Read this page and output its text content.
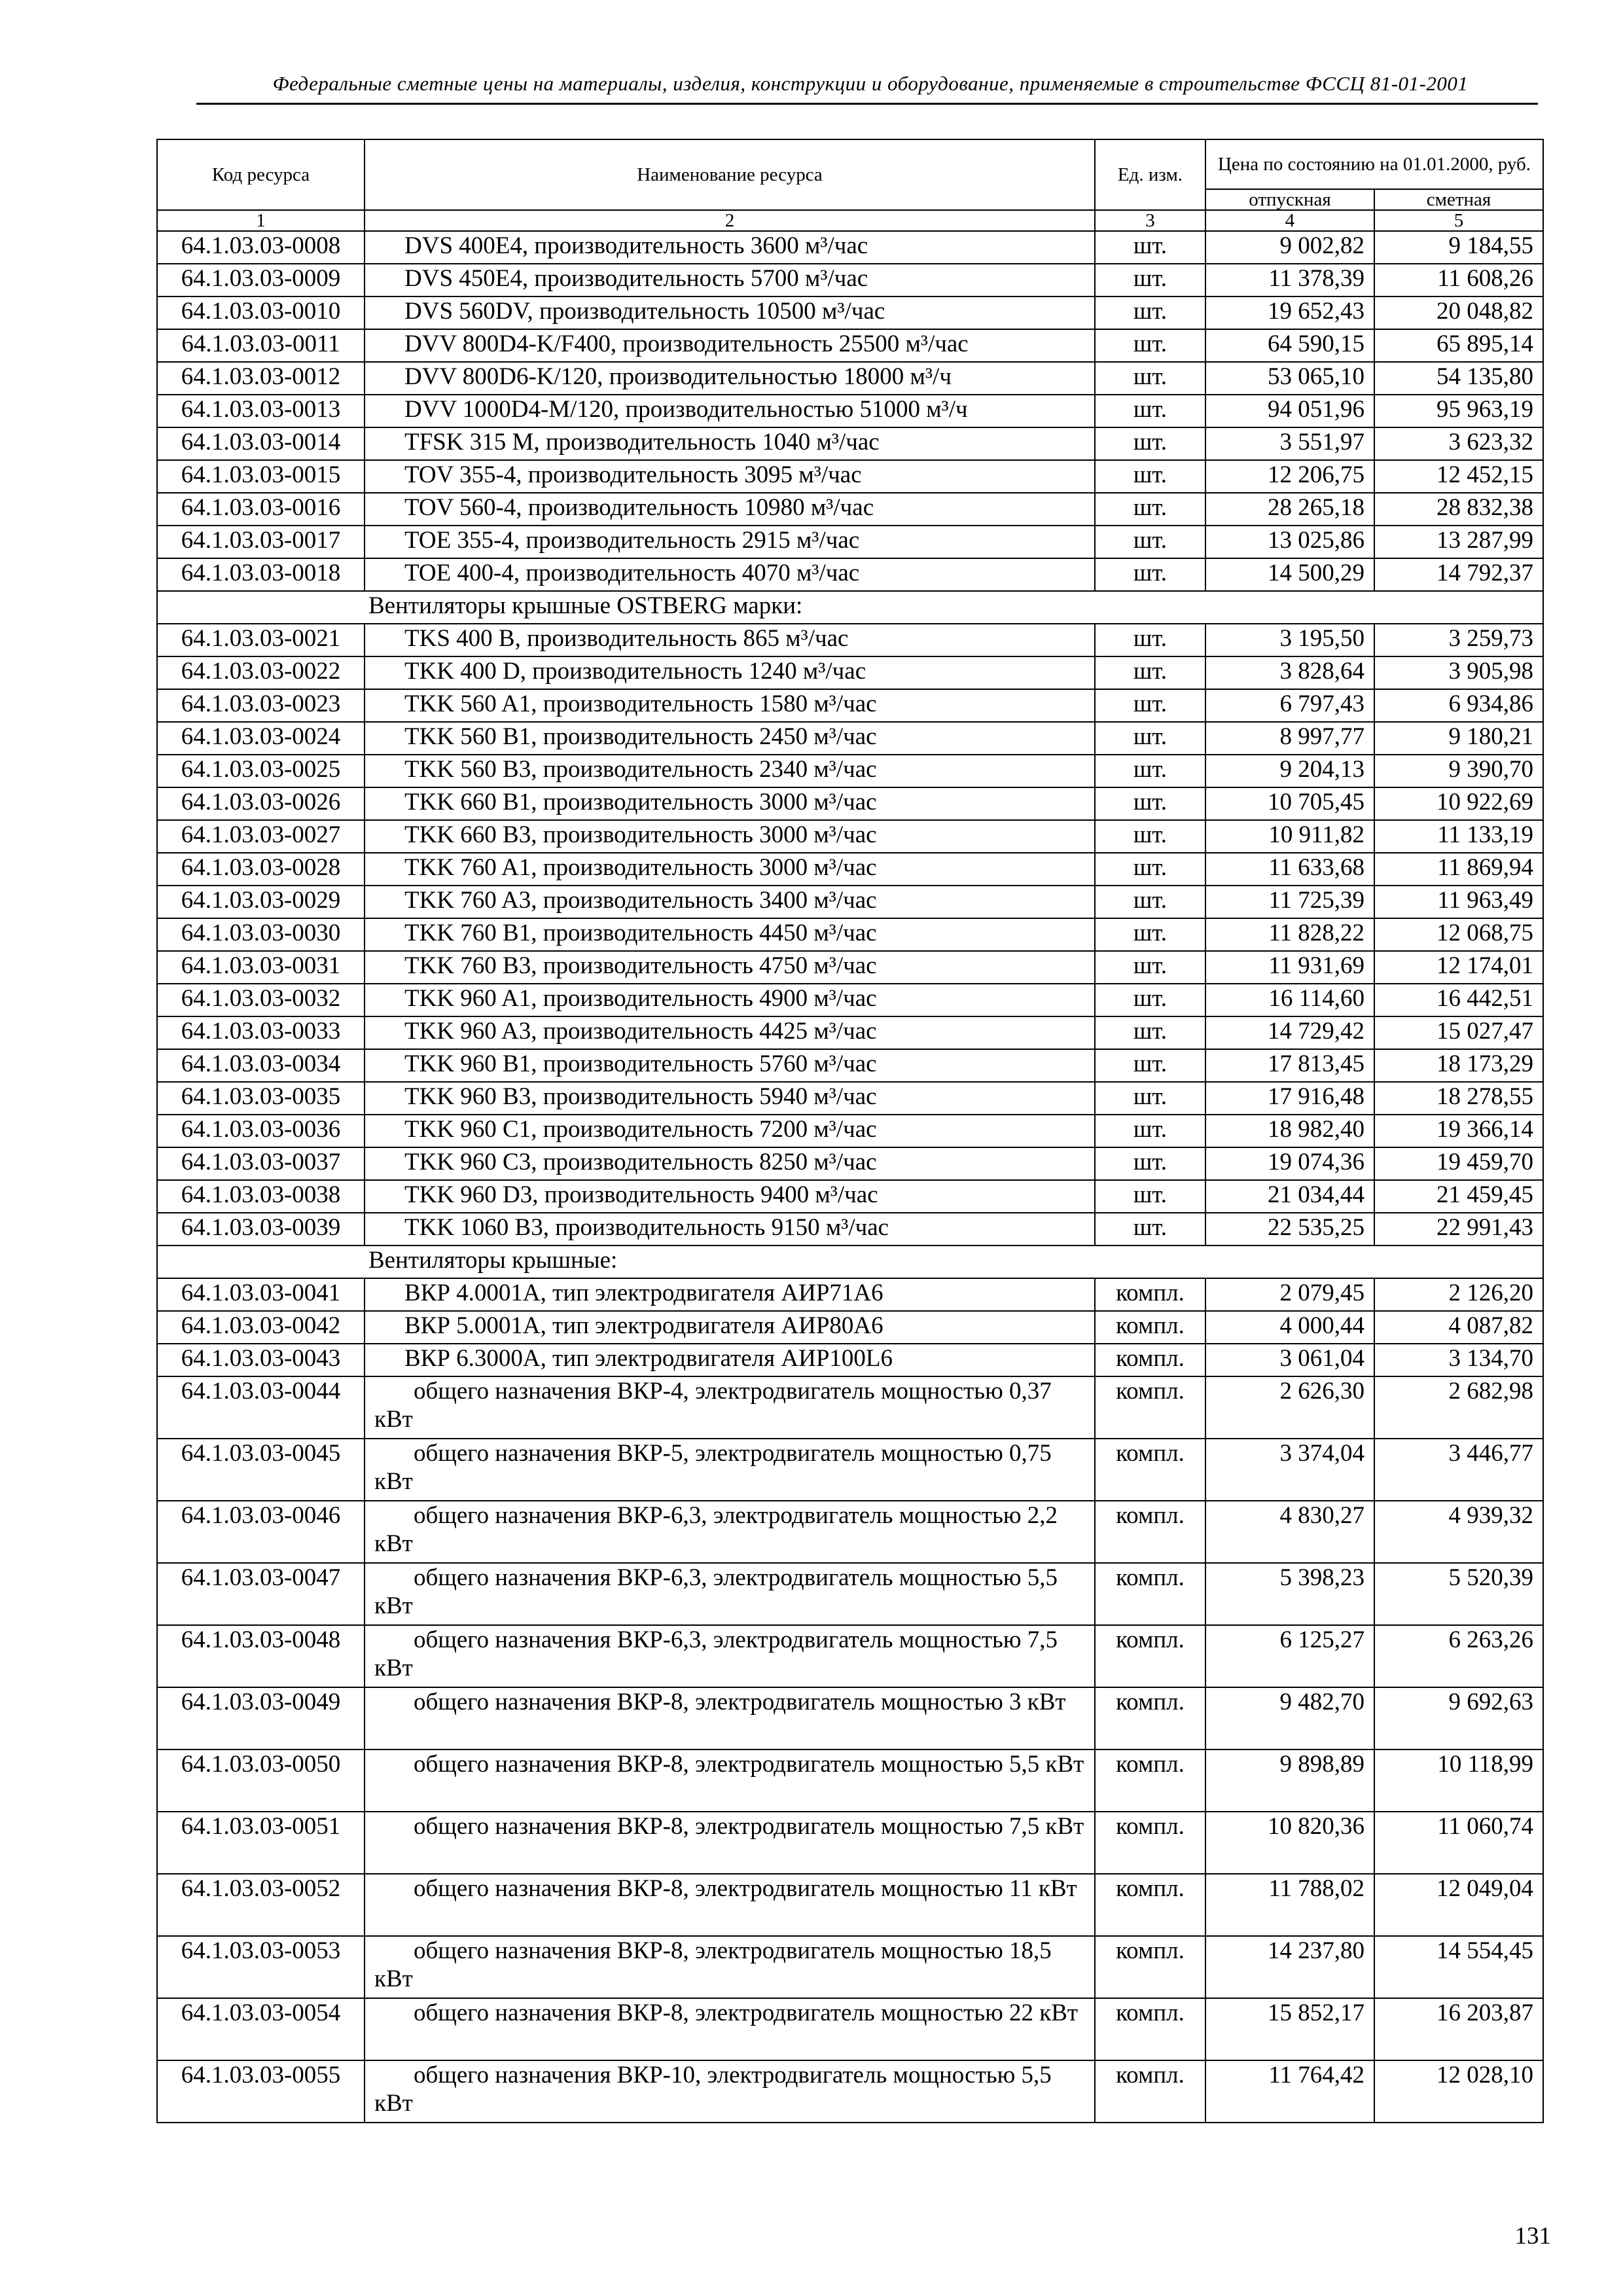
Федеральные сметные цены на материалы, изделия, конструкции и оборудование, применяемые в строительстве ФССЦ 81-01-2001
Код ресурса	Наименование ресурса	Ед. изм.	Цена по состоянию на 01.01.2000, руб.	
			отпускная	сметная
1	2	3	4	5
64.1.03.03-0008	DVS 400E4, производительность 3600 м³/час	шт.	9 002,82	9 184,55
64.1.03.03-0009	DVS 450E4, производительность 5700 м³/час	шт.	11 378,39	11 608,26
64.1.03.03-0010	DVS 560DV, производительность 10500 м³/час	шт.	19 652,43	20 048,82
64.1.03.03-0011	DVV 800D4-K/F400, производительность 25500 м³/час	шт.	64 590,15	65 895,14
64.1.03.03-0012	DVV 800D6-K/120, производительностью 18000 м³/ч	шт.	53 065,10	54 135,80
64.1.03.03-0013	DVV 1000D4-M/120, производительностью 51000 м³/ч	шт.	94 051,96	95 963,19
64.1.03.03-0014	TFSK 315 M, производительность 1040 м³/час	шт.	3 551,97	3 623,32
64.1.03.03-0015	TOV 355-4, производительность 3095 м³/час	шт.	12 206,75	12 452,15
64.1.03.03-0016	TOV 560-4, производительность 10980 м³/час	шт.	28 265,18	28 832,38
64.1.03.03-0017	TOE 355-4, производительность 2915 м³/час	шт.	13 025,86	13 287,99
64.1.03.03-0018	TOE 400-4, производительность 4070 м³/час	шт.	14 500,29	14 792,37
Вентиляторы крышные OSTBERG марки:				
64.1.03.03-0021	TKS 400 B, производительность 865 м³/час	шт.	3 195,50	3 259,73
64.1.03.03-0022	TKK 400 D, производительность 1240 м³/час	шт.	3 828,64	3 905,98
64.1.03.03-0023	TKK 560 A1, производительность 1580 м³/час	шт.	6 797,43	6 934,86
64.1.03.03-0024	TKK 560 B1, производительность 2450 м³/час	шт.	8 997,77	9 180,21
64.1.03.03-0025	TKK 560 B3, производительность 2340 м³/час	шт.	9 204,13	9 390,70
64.1.03.03-0026	TKK 660 B1, производительность 3000 м³/час	шт.	10 705,45	10 922,69
64.1.03.03-0027	TKK 660 B3, производительность 3000 м³/час	шт.	10 911,82	11 133,19
64.1.03.03-0028	TKK 760 A1, производительность 3000 м³/час	шт.	11 633,68	11 869,94
64.1.03.03-0029	TKK 760 A3, производительность 3400 м³/час	шт.	11 725,39	11 963,49
64.1.03.03-0030	TKK 760 B1, производительность 4450 м³/час	шт.	11 828,22	12 068,75
64.1.03.03-0031	TKK 760 B3, производительность 4750 м³/час	шт.	11 931,69	12 174,01
64.1.03.03-0032	TKK 960 A1, производительность 4900 м³/час	шт.	16 114,60	16 442,51
64.1.03.03-0033	TKK 960 A3, производительность 4425 м³/час	шт.	14 729,42	15 027,47
64.1.03.03-0034	TKK 960 B1, производительность 5760 м³/час	шт.	17 813,45	18 173,29
64.1.03.03-0035	TKK 960 B3, производительность 5940 м³/час	шт.	17 916,48	18 278,55
64.1.03.03-0036	TKK 960 C1, производительность 7200 м³/час	шт.	18 982,40	19 366,14
64.1.03.03-0037	TKK 960 C3, производительность 8250 м³/час	шт.	19 074,36	19 459,70
64.1.03.03-0038	TKK 960 D3, производительность 9400 м³/час	шт.	21 034,44	21 459,45
64.1.03.03-0039	TKK 1060 B3, производительность 9150 м³/час	шт.	22 535,25	22 991,43
Вентиляторы крышные:				
64.1.03.03-0041	ВКР 4.0001А, тип электродвигателя АИР71А6	компл.	2 079,45	2 126,20
64.1.03.03-0042	ВКР 5.0001А, тип электродвигателя АИР80А6	компл.	4 000,44	4 087,82
64.1.03.03-0043	ВКР 6.3000А, тип электродвигателя АИР100L6	компл.	3 061,04	3 134,70
64.1.03.03-0044	общего назначения ВКР-4, электродвигатель мощностью 0,37 кВт	компл.	2 626,30	2 682,98
64.1.03.03-0045	общего назначения ВКР-5, электродвигатель мощностью 0,75 кВт	компл.	3 374,04	3 446,77
64.1.03.03-0046	общего назначения ВКР-6,3, электродвигатель мощностью 2,2 кВт	компл.	4 830,27	4 939,32
64.1.03.03-0047	общего назначения ВКР-6,3, электродвигатель мощностью 5,5 кВт	компл.	5 398,23	5 520,39
64.1.03.03-0048	общего назначения ВКР-6,3, электродвигатель мощностью 7,5 кВт	компл.	6 125,27	6 263,26
64.1.03.03-0049	общего назначения ВКР-8, электродвигатель мощностью 3 кВт	компл.	9 482,70	9 692,63
64.1.03.03-0050	общего назначения ВКР-8, электродвигатель мощностью 5,5 кВт	компл.	9 898,89	10 118,99
64.1.03.03-0051	общего назначения ВКР-8, электродвигатель мощностью 7,5 кВт	компл.	10 820,36	11 060,74
64.1.03.03-0052	общего назначения ВКР-8, электродвигатель мощностью 11 кВт	компл.	11 788,02	12 049,04
64.1.03.03-0053	общего назначения ВКР-8, электродвигатель мощностью 18,5 кВт	компл.	14 237,80	14 554,45
64.1.03.03-0054	общего назначения ВКР-8, электродвигатель мощностью 22 кВт	компл.	15 852,17	16 203,87
64.1.03.03-0055	общего назначения ВКР-10, электродвигатель мощностью 5,5 кВт	компл.	11 764,42	12 028,10
131
